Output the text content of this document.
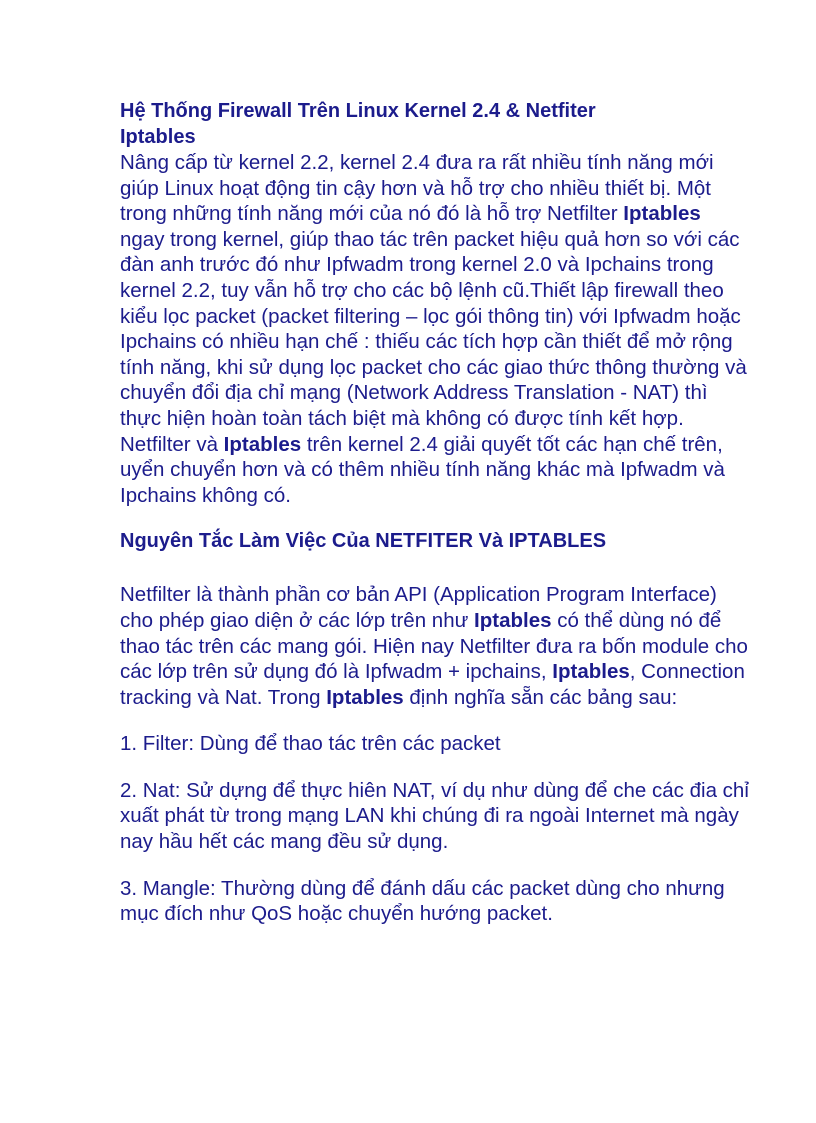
Hệ Thống Firewall Trên Linux Kernel 2.4 & Netfiter Iptables

Nâng cấp từ kernel 2.2, kernel 2.4 đưa ra rất nhiều tính năng mới giúp Linux hoạt động tin cậy hơn và hỗ trợ cho nhiều thiết bị. Một trong những tính năng mới của nó đó là hỗ trợ Netfilter Iptables ngay trong kernel, giúp thao tác trên packet hiệu quả hơn so với các đàn anh trước đó như Ipfwadm trong kernel 2.0 và Ipchains trong kernel 2.2, tuy vẫn hỗ trợ cho các bộ lệnh cũ.Thiết lập firewall theo kiểu lọc packet (packet filtering – lọc gói thông tin) với Ipfwadm hoặc Ipchains có nhiều hạn chế : thiếu các tích hợp cần thiết để mở rộng tính năng, khi sử dụng lọc packet cho các giao thức thông thường và chuyển đổi địa chỉ mạng (Network Address Translation - NAT) thì thực hiện hoàn toàn tách biệt mà không có được tính kết hợp. Netfilter và Iptables trên kernel 2.4 giải quyết tốt các hạn chế trên, uyển chuyển hơn và có thêm nhiều tính năng khác mà Ipfwadm và Ipchains không có.

Nguyên Tắc Làm Việc Của NETFITER Và IPTABLES

Netfilter là thành phần cơ bản API (Application Program Interface) cho phép giao diện ở các lớp trên như Iptables có thể dùng nó để thao tác trên các mang gói. Hiện nay Netfilter đưa ra bốn module cho các lớp trên sử dụng đó là Ipfwadm + ipchains, Iptables, Connection tracking và Nat. Trong Iptables định nghĩa sẵn các bảng sau:

1. Filter: Dùng để thao tác trên các packet

2. Nat: Sử dựng để thực hiên NAT, ví dụ như dùng để che các đia chỉ xuất phát từ trong mạng LAN khi chúng đi ra ngoài Internet mà ngày nay hầu hết các mang đều sử dụng.

3. Mangle: Thường dùng để đánh dấu các packet dùng cho nhưng mục đích như QoS hoặc chuyển hướng packet.
